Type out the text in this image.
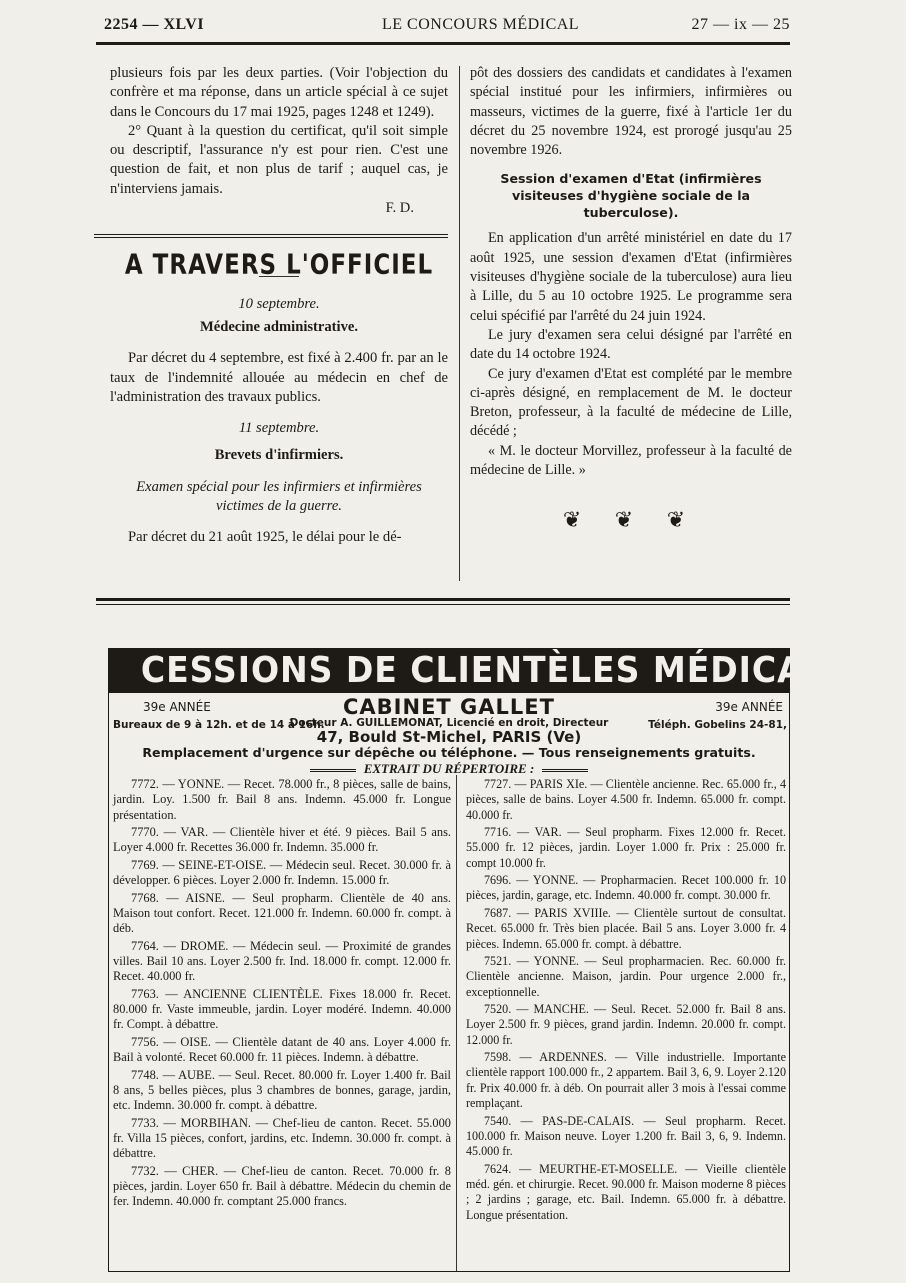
2254 — XLVI	LE CONCOURS MÉDICAL	27 — ix — 25

plusieurs fois par les deux parties. (Voir l'objection du confrère et ma réponse, dans un article spécial à ce sujet dans le Concours du 17 mai 1925, pages 1248 et 1249).

2° Quant à la question du certificat, qu'il soit simple ou descriptif, l'assurance n'y est pour rien. C'est une question de fait, et non plus de tarif ; auquel cas, je n'interviens jamais.

F. D.

A TRAVERS L'OFFICIEL

10 septembre.

Médecine administrative.

Par décret du 4 septembre, est fixé à 2.400 fr. par an le taux de l'indemnité allouée au médecin en chef de l'administration des travaux publics.

11 septembre.

Brevets d'infirmiers.

Examen spécial pour les infirmiers et infirmières victimes de la guerre.

Par décret du 21 août 1925, le délai pour le dé-

pôt des dossiers des candidats et candidates à l'examen spécial institué pour les infirmiers, infirmières ou masseurs, victimes de la guerre, fixé à l'article 1er du décret du 25 novembre 1924, est prorogé jusqu'au 25 novembre 1926.

Session d'examen d'Etat (infirmières visiteuses d'hygiène sociale de la tuberculose).

En application d'un arrêté ministériel en date du 17 août 1925, une session d'examen d'Etat (infirmières visiteuses d'hygiène sociale de la tuberculose) aura lieu à Lille, du 5 au 10 octobre 1925. Le programme sera celui spécifié par l'arrêté du 24 juin 1924.

Le jury d'examen sera celui désigné par l'arrêté en date du 14 octobre 1924.

Ce jury d'examen d'Etat est complété par le membre ci-après désigné, en remplacement de M. le docteur Breton, professeur, à la faculté de médecine de Lille, décédé ;

« M. le docteur Morvillez, professeur à la faculté de médecine de Lille. »

❦ ❦ ❦

CESSIONS DE CLIENTÈLES MÉDICALES
39e ANNÉE	39e ANNÉE
Bureaux de 9 à 12h. et de 14 à 16h.	Téléph. Gobelins 24-81,
CABINET GALLET
Docteur A. GUILLEMONAT, Licencié en droit, Directeur
47, Bould St-Michel, PARIS (Ve)
Remplacement d'urgence sur dépêche ou téléphone. — Tous renseignements gratuits.
EXTRAIT DU RÉPERTOIRE :

7772. — YONNE. — Recet. 78.000 fr., 8 pièces, salle de bains, jardin. Loy. 1.500 fr. Bail 8 ans. Indemn. 45.000 fr. Longue présentation.

7770. — VAR. — Clientèle hiver et été. 9 pièces. Bail 5 ans. Loyer 4.000 fr. Recettes 36.000 fr. Indemn. 35.000 fr.

7769. — SEINE-ET-OISE. — Médecin seul. Recet. 30.000 fr. à développer. 6 pièces. Loyer 2.000 fr. Indemn. 15.000 fr.

7768. — AISNE. — Seul propharm. Clientèle de 40 ans. Maison tout confort. Recet. 121.000 fr. Indemn. 60.000 fr. compt. à déb.

7764. — DROME. — Médecin seul. — Proximité de grandes villes. Bail 10 ans. Loyer 2.500 fr. Ind. 18.000 fr. compt. 12.000 fr. Recet. 40.000 fr.

7763. — ANCIENNE CLIENTÈLE. Fixes 18.000 fr. Recet. 80.000 fr. Vaste immeuble, jardin. Loyer modéré. Indemn. 40.000 fr. Compt. à débattre.

7756. — OISE. — Clientèle datant de 40 ans. Loyer 4.000 fr. Bail à volonté. Recet 60.000 fr. 11 pièces. Indemn. à débattre.

7748. — AUBE. — Seul. Recet. 80.000 fr. Loyer 1.400 fr. Bail 8 ans, 5 belles pièces, plus 3 chambres de bonnes, garage, jardin, etc. Indemn. 30.000 fr. compt. à débattre.

7733. — MORBIHAN. — Chef-lieu de canton. Recet. 55.000 fr. Villa 15 pièces, confort, jardins, etc. Indemn. 30.000 fr. compt. à débattre.

7732. — CHER. — Chef-lieu de canton. Recet. 70.000 fr. 8 pièces, jardin. Loyer 650 fr. Bail à débattre. Médecin du chemin de fer. Indemn. 40.000 fr. comptant 25.000 francs.

7727. — PARIS XIe. — Clientèle ancienne. Rec. 65.000 fr., 4 pièces, salle de bains. Loyer 4.500 fr. Indemn. 65.000 fr. compt. 40.000 fr.

7716. — VAR. — Seul propharm. Fixes 12.000 fr. Recet. 55.000 fr. 12 pièces, jardin. Loyer 1.000 fr. Prix : 25.000 fr. compt 10.000 fr.

7696. — YONNE. — Propharmacien. Recet 100.000 fr. 10 pièces, jardin, garage, etc. Indemn. 40.000 fr. compt. 30.000 fr.

7687. — PARIS XVIIIe. — Clientèle surtout de consultat. Recet. 65.000 fr. Très bien placée. Bail 5 ans. Loyer 3.000 fr. 4 pièces. Indemn. 65.000 fr. compt. à débattre.

7521. — YONNE. — Seul propharmacien. Rec. 60.000 fr. Clientèle ancienne. Maison, jardin. Pour urgence 2.000 fr., exceptionnelle.

7520. — MANCHE. — Seul. Recet. 52.000 fr. Bail 8 ans. Loyer 2.500 fr. 9 pièces, grand jardin. Indemn. 20.000 fr. compt. 12.000 fr.

7598. — ARDENNES. — Ville industrielle. Importante clientèle rapport 100.000 fr., 2 appartem. Bail 3, 6, 9. Loyer 2.120 fr. Prix 40.000 fr. à déb. On pourrait aller 3 mois à l'essai comme remplaçant.

7540. — PAS-DE-CALAIS. — Seul propharm. Recet. 100.000 fr. Maison neuve. Loyer 1.200 fr. Bail 3, 6, 9. Indemn. 45.000 fr.

7624. — MEURTHE-ET-MOSELLE. — Vieille clientèle méd. gén. et chirurgie. Recet. 90.000 fr. Maison moderne 8 pièces ; 2 jardins ; garage, etc. Bail. Indemn. 65.000 fr. à débattre. Longue présentation.
